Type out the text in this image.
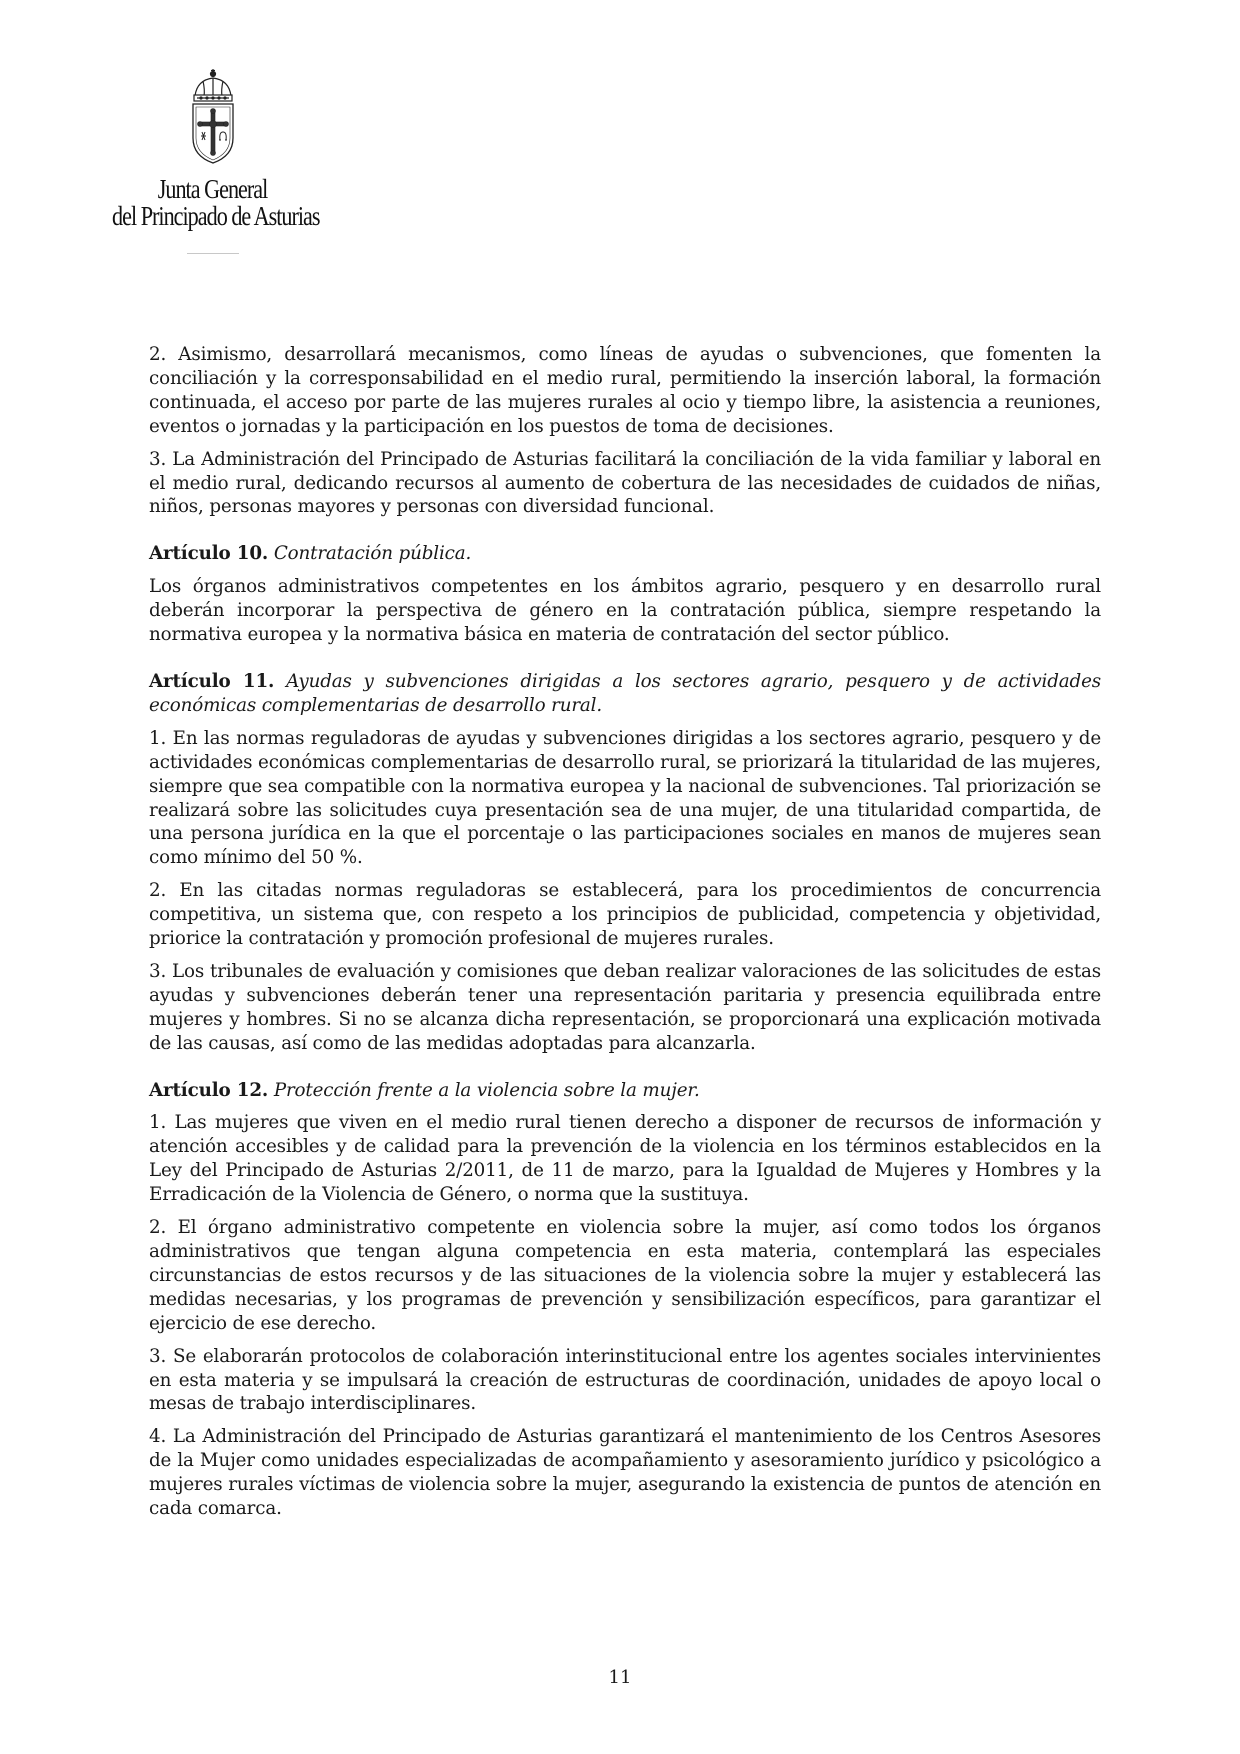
Junta General
del Principado de Asturias

2. Asimismo, desarrollará mecanismos, como líneas de ayudas o subvenciones, que fomenten la conciliación y la corresponsabilidad en el medio rural, permitiendo la inserción laboral, la formación continuada, el acceso por parte de las mujeres rurales al ocio y tiempo libre, la asistencia a reuniones, eventos o jornadas y la participación en los puestos de toma de decisiones.

3. La Administración del Principado de Asturias facilitará la conciliación de la vida familiar y laboral en el medio rural, dedicando recursos al aumento de cobertura de las necesidades de cuidados de niñas, niños, personas mayores y personas con diversidad funcional.

Artículo 10. Contratación pública.

Los órganos administrativos competentes en los ámbitos agrario, pesquero y en desarrollo rural deberán incorporar la perspectiva de género en la contratación pública, siempre respetando la normativa europea y la normativa básica en materia de contratación del sector público.

Artículo 11. Ayudas y subvenciones dirigidas a los sectores agrario, pesquero y de actividades económicas complementarias de desarrollo rural.

1. En las normas reguladoras de ayudas y subvenciones dirigidas a los sectores agrario, pesquero y de actividades económicas complementarias de desarrollo rural, se priorizará la titularidad de las mujeres, siempre que sea compatible con la normativa europea y la nacional de subvenciones. Tal priorización se realizará sobre las solicitudes cuya presentación sea de una mujer, de una titularidad compartida, de una persona jurídica en la que el porcentaje o las participaciones sociales en manos de mujeres sean como mínimo del 50 %.

2. En las citadas normas reguladoras se establecerá, para los procedimientos de concurrencia competitiva, un sistema que, con respeto a los principios de publicidad, competencia y objetividad, priorice la contratación y promoción profesional de mujeres rurales.

3. Los tribunales de evaluación y comisiones que deban realizar valoraciones de las solicitudes de estas ayudas y subvenciones deberán tener una representación paritaria y presencia equilibrada entre mujeres y hombres. Si no se alcanza dicha representación, se proporcionará una explicación motivada de las causas, así como de las medidas adoptadas para alcanzarla.

Artículo 12. Protección frente a la violencia sobre la mujer.

1. Las mujeres que viven en el medio rural tienen derecho a disponer de recursos de información y atención accesibles y de calidad para la prevención de la violencia en los términos establecidos en la Ley del Principado de Asturias 2/2011, de 11 de marzo, para la Igualdad de Mujeres y Hombres y la Erradicación de la Violencia de Género, o norma que la sustituya.

2. El órgano administrativo competente en violencia sobre la mujer, así como todos los órganos administrativos que tengan alguna competencia en esta materia, contemplará las especiales circunstancias de estos recursos y de las situaciones de la violencia sobre la mujer y establecerá las medidas necesarias, y los programas de prevención y sensibilización específicos, para garantizar el ejercicio de ese derecho.

3. Se elaborarán protocolos de colaboración interinstitucional entre los agentes sociales intervinientes en esta materia y se impulsará la creación de estructuras de coordinación, unidades de apoyo local o mesas de trabajo interdisciplinares.

4. La Administración del Principado de Asturias garantizará el mantenimiento de los Centros Asesores de la Mujer como unidades especializadas de acompañamiento y asesoramiento jurídico y psicológico a mujeres rurales víctimas de violencia sobre la mujer, asegurando la existencia de puntos de atención en cada comarca.

11
